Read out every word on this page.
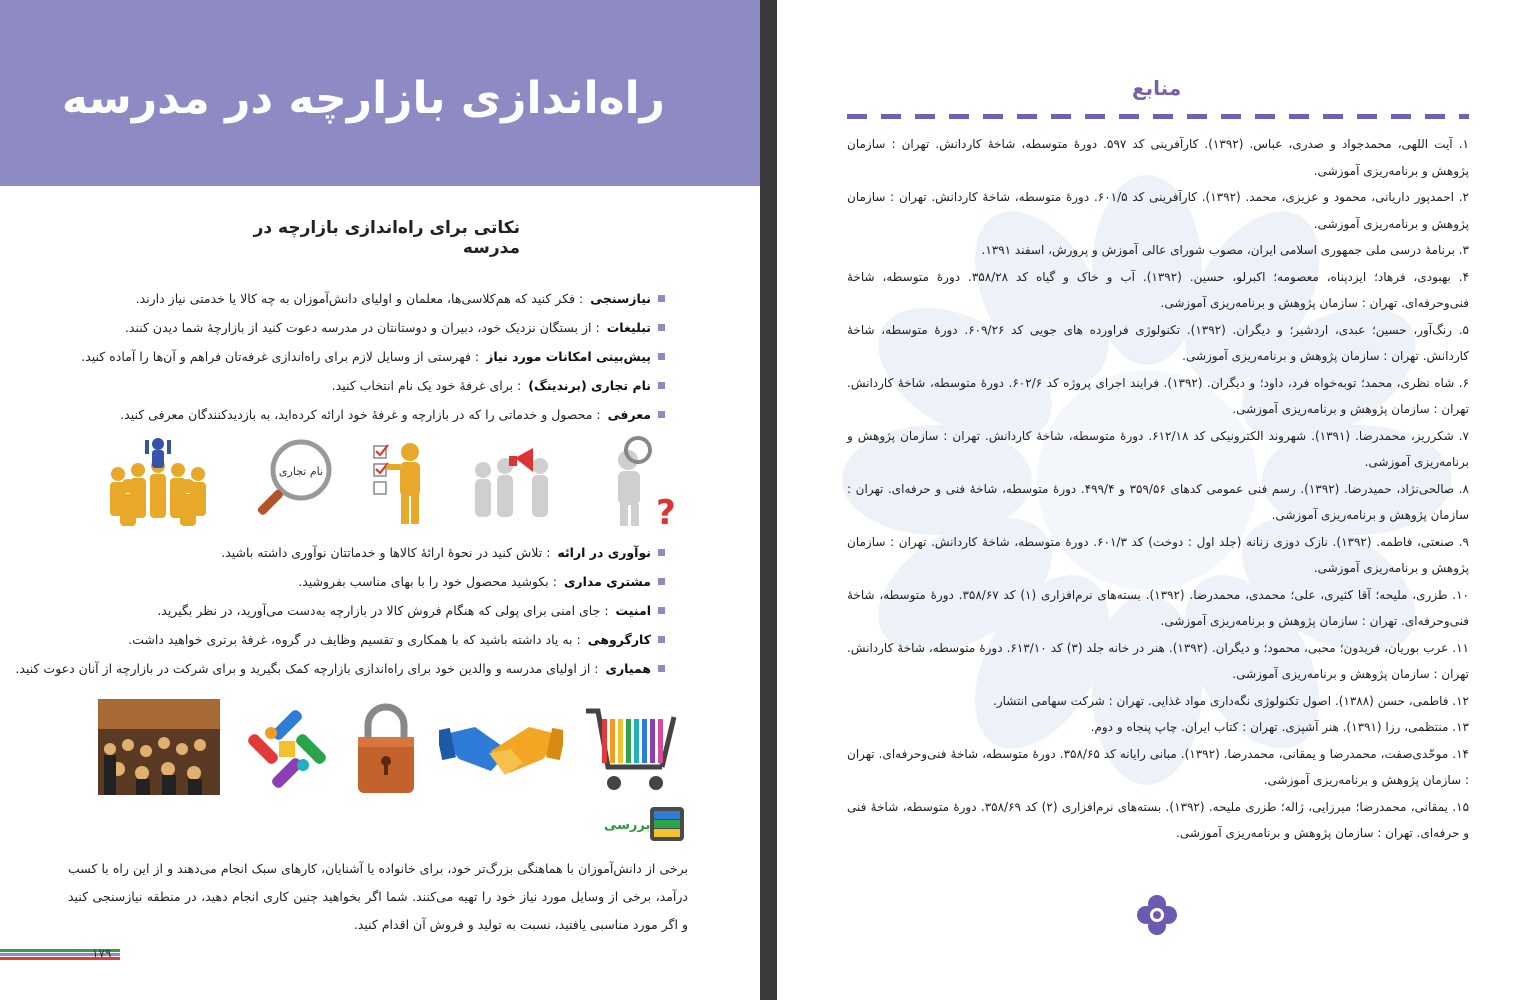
راه‌اندازی بازارچه در مدرسه
نکاتی برای راه‌اندازی بازارچه در مدرسه
نیازسنجی
: فکر کنید که هم‌کلاسی‌ها، معلمان و اولیای دانش‌آموزان به چه کالا یا خدمتی نیاز دارند.
تبلیغات
: از بستگان نزدیک خود، دبیران و دوستانتان در مدرسه دعوت کنید از بازارچهٔ شما دیدن کنند.
پیش‌بینی امکانات مورد نیاز
: فهرستی از وسایل لازم برای راه‌اندازی غرفه‌تان فراهم و آن‌ها را آماده کنید.
نام تجاری (برندینگ)
: برای غرفهٔ خود یک نام انتخاب کنید.
معرفی
: محصول و خدماتی را که در بازارچه و غرفهٔ خود ارائه کرده‌اید، به بازدیدکنندگان معرفی کنید.
نام تجاری
?
نوآوری در ارائه
: تلاش کنید در نحوهٔ ارائهٔ کالاها و خدماتتان نوآوری داشته باشید.
مشتری مداری
: بکوشید محصول خود را با بهای مناسب بفروشید.
امنیت
: جای امنی برای پولی که هنگام فروش کالا در بازارچه به‌دست می‌آورید، در نظر بگیرید.
کارگروهی
: به یاد داشته باشید که با همکاری و تقسیم وظایف در گروه، غرفهٔ برتری خواهید داشت.
همیاری
: از اولیای مدرسه و والدین خود برای راه‌اندازی بازارچه کمک بگیرید و برای شرکت در بازارچه از آنان دعوت کنید.
بررسی

برخی از دانش‌آموزان با هماهنگی بزرگ‌تر خود، برای خانواده یا آشنایان، کارهای سبک انجام می‌دهند و از این راه با کسب درآمد، برخی از وسایل مورد نیاز خود را تهیه می‌کنند. شما اگر بخواهید چنین کاری انجام دهید، در منطقه نیازسنجی کنید و اگر مورد مناسبی یافتید، نسبت به تولید و فروش آن اقدام کنید.

۱۷۹
منابع
۱. آیت اللهی، محمدجواد و صدری، عباس. (۱۳۹۲). کارآفرینی کد ۵۹۷. دورهٔ متوسطه، شاخهٔ کاردانش. تهران : سازمان پژوهش و برنامه‌ریزی آموزشی.
۲. احمدپور داریانی، محمود و عزیزی، محمد. (۱۳۹۲). کارآفرینی کد ۶۰۱/۵. دورهٔ متوسطه، شاخهٔ کاردانش. تهران : سازمان پژوهش و برنامه‌ریزی آموزشی.
۳. برنامهٔ درسی ملی جمهوری اسلامی ایران، مصوب شورای عالی آموزش و پرورش، اسفند ۱۳۹۱.
۴. بهبودی، فرهاد؛ ایزدپناه، معصومه؛ اکبرلو، حسین. (۱۳۹۲). آب و خاک و گیاه کد ۳۵۸/۲۸. دورهٔ متوسطه، شاخهٔ فنی‌وحرفه‌ای. تهران : سازمان پژوهش و برنامه‌ریزی آموزشی.
۵. رنگ‌آور، حسین؛ عبدی، اردشیر؛ و دیگران. (۱۳۹۲). تکنولوژی فراورده های جویی کد ۶۰۹/۲۶. دورهٔ متوسطه، شاخهٔ کاردانش. تهران : سازمان پژوهش و برنامه‌ریزی آموزشی.
۶. شاه نظری، محمد؛ توبه‌خواه فرد، داود؛ و دیگران. (۱۳۹۲). فرایند اجرای پروژه کد ۶۰۲/۶. دورهٔ متوسطه، شاخهٔ کاردانش. تهران : سازمان پژوهش و برنامه‌ریزی آموزشی.
۷. شکرریز، محمدرضا. (۱۳۹۱). شهروند الکترونیکی کد ۶۱۲/۱۸. دورهٔ متوسطه، شاخهٔ کاردانش. تهران : سازمان پژوهش و برنامه‌ریزی آموزشی.
۸. صالحی‌نژاد، حمیدرضا. (۱۳۹۲). رسم فنی عمومی کدهای ۳۵۹/۵۶ و ۴۹۹/۴. دورهٔ متوسطه، شاخهٔ فنی و حرفه‌ای. تهران : سازمان پژوهش و برنامه‌ریزی آموزشی.
۹. صنعتی، فاطمه. (۱۳۹۲). نازک دوزی زنانه (جلد اول : دوخت) کد ۶۰۱/۳. دورهٔ متوسطه، شاخهٔ کاردانش. تهران : سازمان پژوهش و برنامه‌ریزی آموزشی.
۱۰. طزری، ملیحه؛ آقا کثیری، علی؛ محمدی، محمدرضا. (۱۳۹۲). بسته‌های نرم‌افزاری (۱) کد ۳۵۸/۶۷. دورهٔ متوسطه، شاخهٔ فنی‌وحرفه‌ای. تهران : سازمان پژوهش و برنامه‌ریزی آموزشی.
۱۱. عرب بوریان، فریدون؛ محبی، محمود؛ و دیگران. (۱۳۹۲). هنر در خانه جلد (۳) کد ۶۱۳/۱۰. دورهٔ متوسطه، شاخهٔ کاردانش. تهران : سازمان پژوهش و برنامه‌ریزی آموزشی.
۱۲. فاطمی، حسن (۱۳۸۸). اصول تکنولوژی نگه‌داری مواد غذایی. تهران : شرکت سهامی انتشار.
۱۳. منتظمی، رزا (۱۳۹۱). هنر آشپزی. تهران : کتاب ایران. چاپ پنجاه و دوم.
۱۴. موحّدی‌صفت، محمدرضا و یمقانی، محمدرضا. (۱۳۹۲). مبانی رایانه کد ۳۵۸/۶۵. دورهٔ متوسطه، شاخهٔ فنی‌وحرفه‌ای. تهران : سازمان پژوهش و برنامه‌ریزی آموزشی.
۱۵. یمقانی، محمدرضا؛ میرزایی، ژاله؛ طزری ملیحه. (۱۳۹۲). بسته‌های نرم‌افزاری (۲) کد ۳۵۸/۶۹. دورهٔ متوسطه، شاخهٔ فنی و حرفه‌ای. تهران : سازمان پژوهش و برنامه‌ریزی آموزشی.
